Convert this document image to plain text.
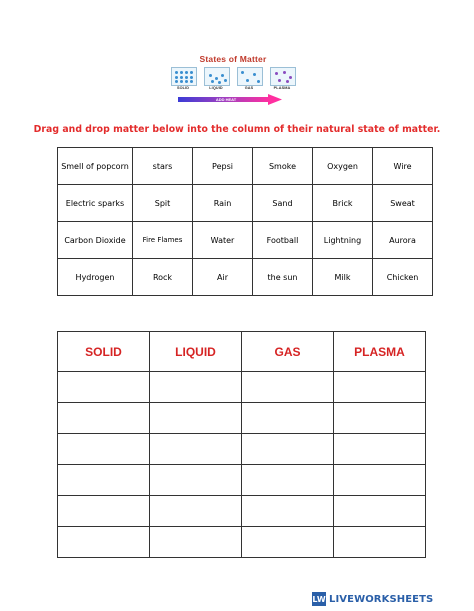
States of Matter
SOLID	LIQUID	GAS	PLASMA
ADD HEAT
Drag and drop matter below into the column of their natural state of matter.
Smell of popcorn	stars	Pepsi	Smoke	Oxygen	Wire
Electric sparks	Spit	Rain	Sand	Brick	Sweat
Carbon Dioxide	Fire Flames	Water	Football	Lightning	Aurora
Hydrogen	Rock	Air	the sun	Milk	Chicken
SOLID	LIQUID	GAS	PLASMA

LW LIVEWORKSHEETS
